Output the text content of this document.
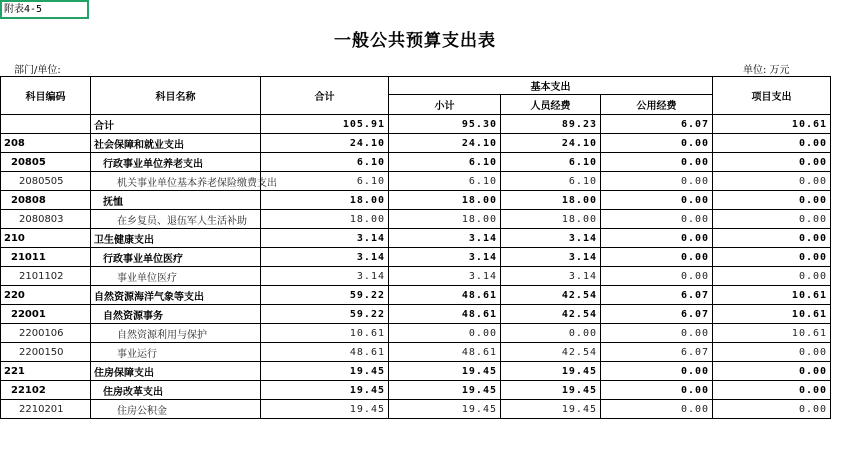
附表4-5
一般公共预算支出表
部门/单位:	单位: 万元
科目编码	科目名称	合计	基本支出			项目支出
			小计	人员经费	公用经费	
	合计	105.91	95.30	89.23	6.07	10.61
208	社会保障和就业支出	24.10	24.10	24.10	0.00	0.00
20805	行政事业单位养老支出	6.10	6.10	6.10	0.00	0.00
2080505	机关事业单位基本养老保险缴费支出	6.10	6.10	6.10	0.00	0.00
20808	抚恤	18.00	18.00	18.00	0.00	0.00
2080803	在乡复员、退伍军人生活补助	18.00	18.00	18.00	0.00	0.00
210	卫生健康支出	3.14	3.14	3.14	0.00	0.00
21011	行政事业单位医疗	3.14	3.14	3.14	0.00	0.00
2101102	事业单位医疗	3.14	3.14	3.14	0.00	0.00
220	自然资源海洋气象等支出	59.22	48.61	42.54	6.07	10.61
22001	自然资源事务	59.22	48.61	42.54	6.07	10.61
2200106	自然资源利用与保护	10.61	0.00	0.00	0.00	10.61
2200150	事业运行	48.61	48.61	42.54	6.07	0.00
221	住房保障支出	19.45	19.45	19.45	0.00	0.00
22102	住房改革支出	19.45	19.45	19.45	0.00	0.00
2210201	住房公积金	19.45	19.45	19.45	0.00	0.00
